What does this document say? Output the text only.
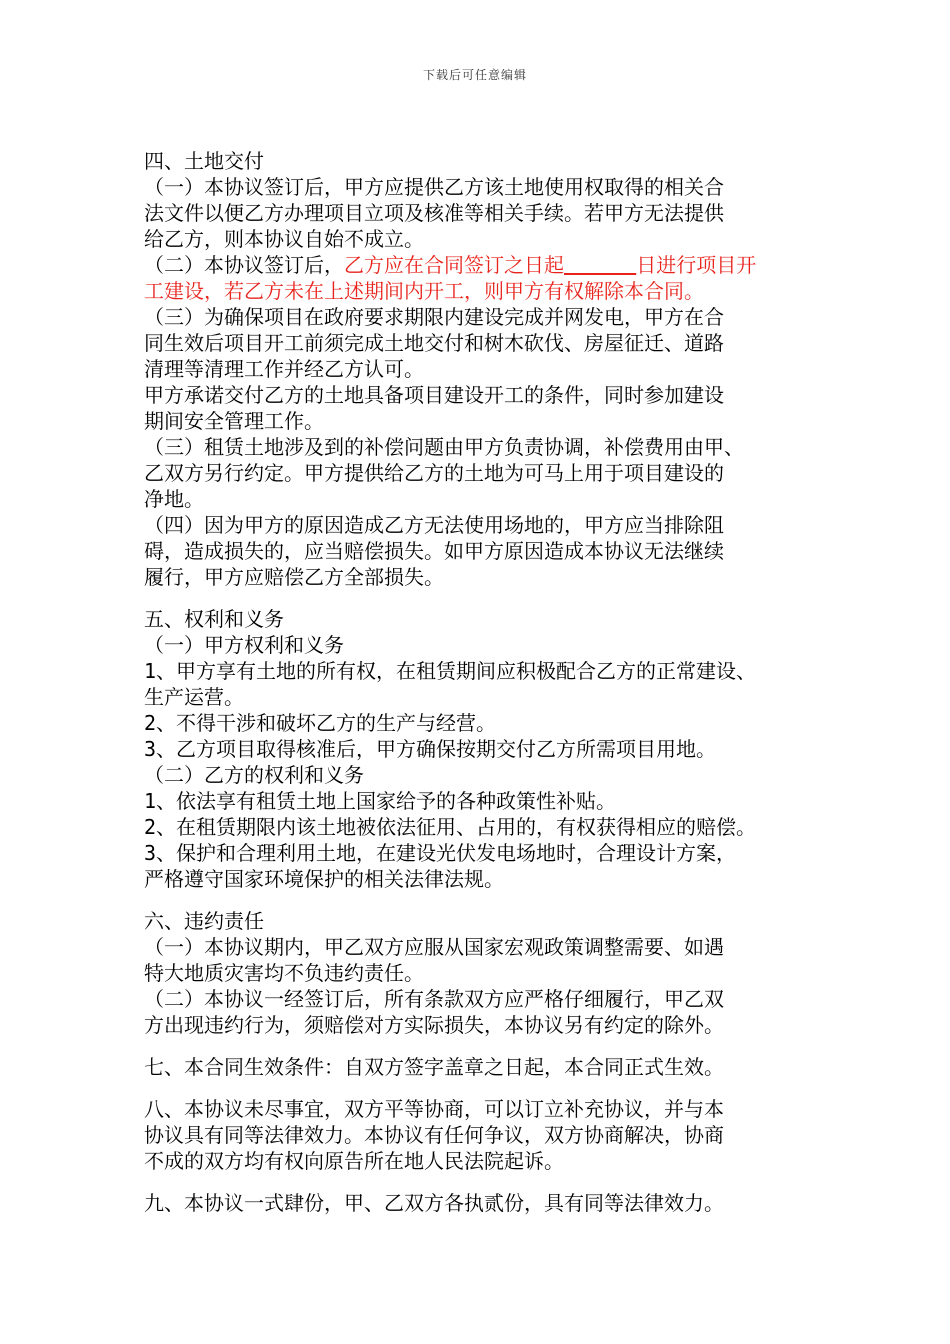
下载后可任意编辑
四、土地交付
（一）本协议签订后，甲方应提供乙方该土地使用权取得的相关合
法文件以便乙方办理项目立项及核准等相关手续。若甲方无法提供
给乙方，则本协议自始不成立。
（二）本协议签订后，乙方应在合同签订之日起	日进行项目开
工建设，若乙方未在上述期间内开工，则甲方有权解除本合同。
（三）为确保项目在政府要求期限内建设完成并网发电，甲方在合
同生效后项目开工前须完成土地交付和树木砍伐、房屋征迁、道路
清理等清理工作并经乙方认可。
甲方承诺交付乙方的土地具备项目建设开工的条件，同时参加建设
期间安全管理工作。
（三）租赁土地涉及到的补偿问题由甲方负责协调，补偿费用由甲、
乙双方另行约定。甲方提供给乙方的土地为可马上用于项目建设的
净地。
（四）因为甲方的原因造成乙方无法使用场地的，甲方应当排除阻
碍，造成损失的，应当赔偿损失。如甲方原因造成本协议无法继续
履行，甲方应赔偿乙方全部损失。
五、权利和义务
（一）甲方权利和义务
1、甲方享有土地的所有权，在租赁期间应积极配合乙方的正常建设、
生产运营。
2、不得干涉和破坏乙方的生产与经营。
3、乙方项目取得核准后，甲方确保按期交付乙方所需项目用地。
（二）乙方的权利和义务
1、依法享有租赁土地上国家给予的各种政策性补贴。
2、在租赁期限内该土地被依法征用、占用的，有权获得相应的赔偿。
3、保护和合理利用土地，在建设光伏发电场地时，合理设计方案，
严格遵守国家环境保护的相关法律法规。
六、违约责任
（一）本协议期内，甲乙双方应服从国家宏观政策调整需要、如遇
特大地质灾害均不负违约责任。
（二）本协议一经签订后，所有条款双方应严格仔细履行，甲乙双
方出现违约行为，须赔偿对方实际损失，本协议另有约定的除外。
七、本合同生效条件：自双方签字盖章之日起，本合同正式生效。
八、本协议未尽事宜，双方平等协商，可以订立补充协议，并与本
协议具有同等法律效力。本协议有任何争议，双方协商解决，协商
不成的双方均有权向原告所在地人民法院起诉。
九、本协议一式肆份，甲、乙双方各执贰份，具有同等法律效力。
